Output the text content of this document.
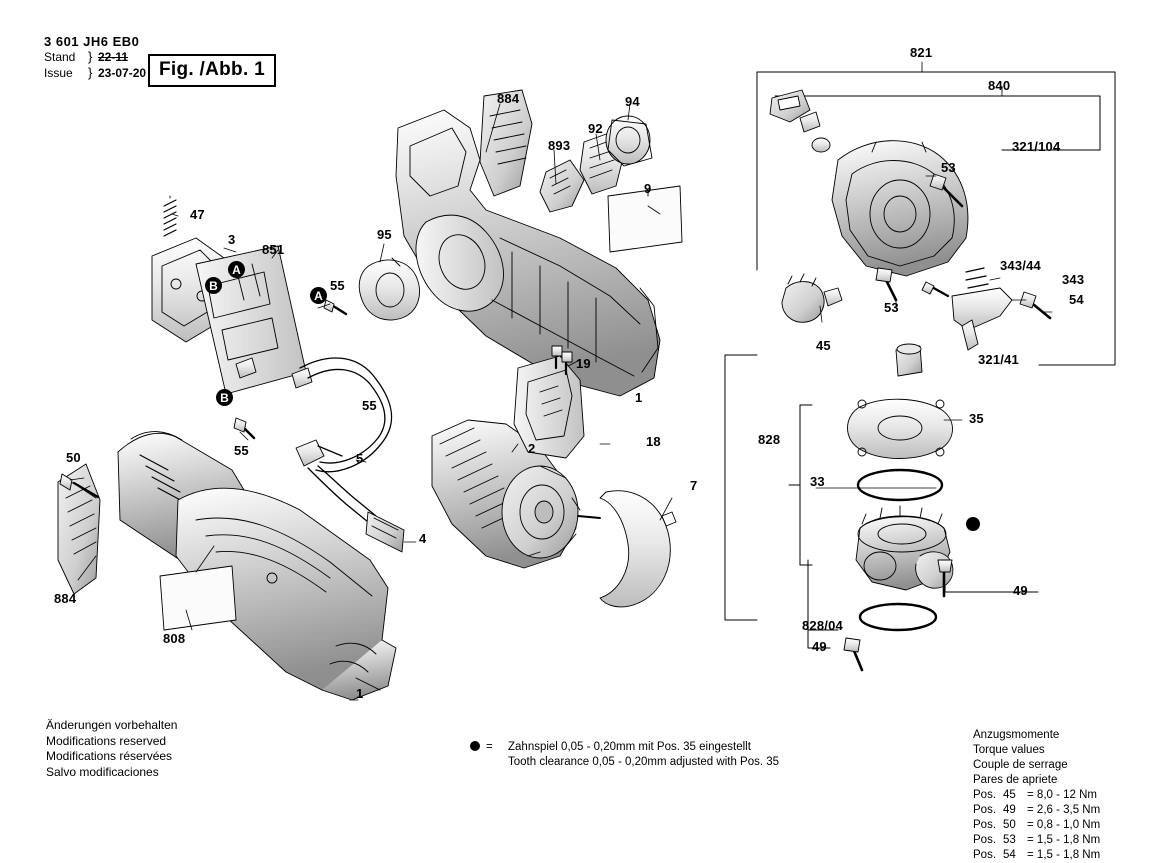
3 601 JH6 EB0
Stand } 22-11
Issue	} 23-07-20 Fig. /Abb. 1
884	94
92
893
9
95
47
3
851
55
55
55
5
4
19
18
1
2
7
50
884
808
1
821
840
321/104
53
53
343/44
343
54
45
321/41
35
33
828
49
828/04
49
A
B
A
B
Änderungen vorbehalten
Modifications reserved
Modifications réservées
Salvo modificaciones
= Zahnspiel 0,05 - 0,20mm mit Pos. 35 eingestellt
Tooth clearance 0,05 - 0,20mm adjusted with Pos. 35
Anzugsmomente
Torque values
Couple de serrage
Pares de apriete
Pos. 45 = 8,0 - 12 Nm
Pos. 49 = 2,6 - 3,5 Nm
Pos. 50 = 0,8 - 1,0 Nm
Pos. 53 = 1,5 - 1,8 Nm
Pos. 54 = 1,5 - 1,8 Nm
